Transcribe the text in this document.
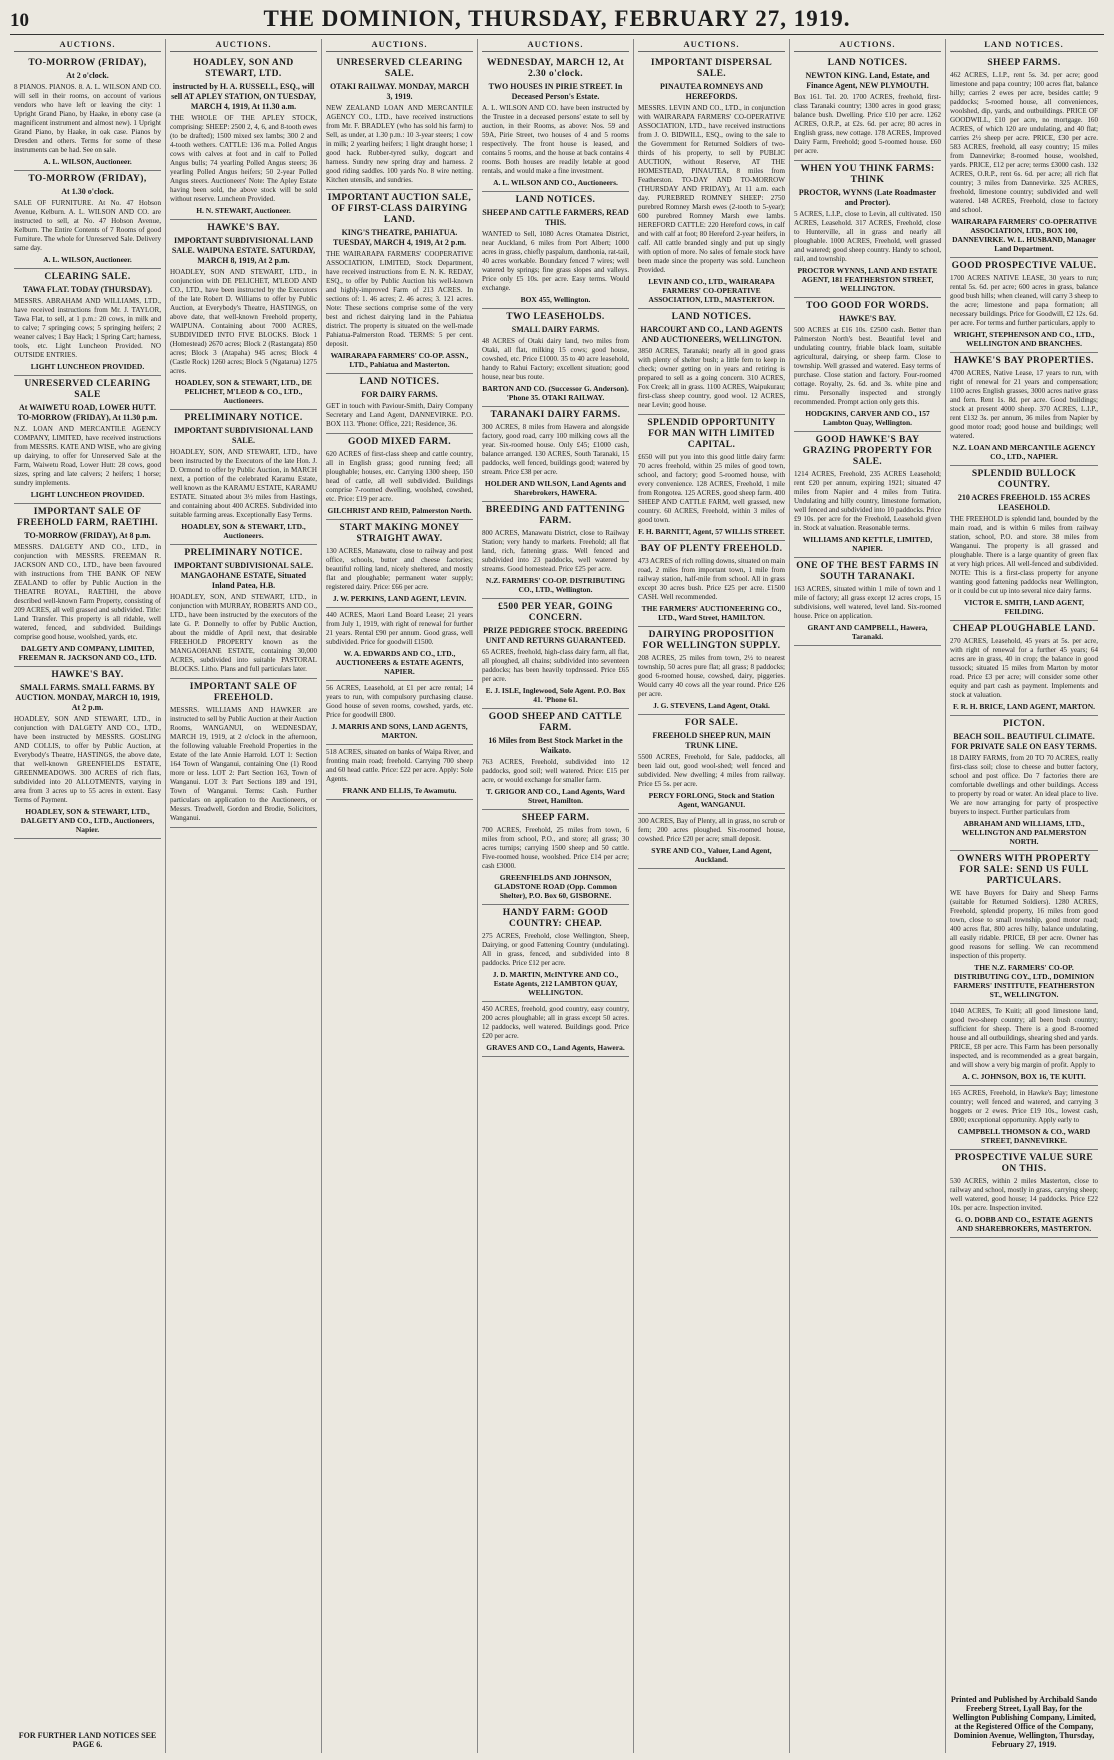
10	THE DOMINION, THURSDAY, FEBRUARY 27, 1919.
AUCTIONS.
TO-MORROW (FRIDAY),
At 2 o'clock.

8 PIANOS. PIANOS. 8. A. L. WILSON AND CO. will sell in their rooms, on account of various vendors who have left or leaving the city: 1 Upright Grand Piano, by Haake, in ebony case (a magnificent instrument and almost new). 1 Upright Grand Piano, by Haake, in oak case. Pianos by Dresden and others. Terms for some of these instruments can be had. See on sale.

A. L. WILSON, Auctioneer.
TO-MORROW (FRIDAY),
At 1.30 o'clock.

SALE OF FURNITURE. At No. 47 Hobson Avenue, Kelburn. A. L. WILSON AND CO. are instructed to sell, at No. 47 Hobson Avenue, Kelburn. The Entire Contents of 7 Rooms of good Furniture. The whole for Unreserved Sale. Delivery same day.

A. L. WILSON, Auctioneer.
CLEARING SALE.
TAWA FLAT. TODAY (THURSDAY).

MESSRS. ABRAHAM AND WILLIAMS, LTD., have received instructions from Mr. J. TAYLOR, Tawa Flat, to sell, at 1 p.m.: 20 cows, in milk and to calve; 7 springing cows; 5 springing heifers; 2 weaner calves; 1 Bay Hack; 1 Spring Cart; harness, tools, etc. Light Luncheon Provided. NO OUTSIDE ENTRIES.

LIGHT LUNCHEON PROVIDED.
UNRESERVED CLEARING SALE
At WAIWETU ROAD, LOWER HUTT. TO-MORROW (FRIDAY), At 11.30 p.m.

N.Z. LOAN AND MERCANTILE AGENCY COMPANY, LIMITED, have received instructions from MESSRS. KATE AND WISE, who are giving up dairying, to offer for Unreserved Sale at the Farm, Waiwetu Road, Lower Hutt: 28 cows, good sizes, spring and late calvers; 2 heifers; 1 horse; sundry implements.

LIGHT LUNCHEON PROVIDED.
IMPORTANT SALE OF FREEHOLD FARM, RAETIHI.
TO-MORROW (FRIDAY), At 8 p.m.

MESSRS. DALGETY AND CO., LTD., in conjunction with MESSRS. FREEMAN R. JACKSON AND CO., LTD., have been favoured with instructions from THE BANK OF NEW ZEALAND to offer by Public Auction in the THEATRE ROYAL, RAETIHI, the above described well-known Farm Property, consisting of 209 ACRES, all well grassed and subdivided. Title: Land Transfer. This property is all ridable, well watered, fenced, and subdivided. Buildings comprise good house, woolshed, yards, etc.

DALGETY AND COMPANY, LIMITED, FREEMAN R. JACKSON AND CO., LTD.
HAWKE'S BAY.
SMALL FARMS. SMALL FARMS. BY AUCTION. MONDAY, MARCH 10, 1919, At 2 p.m.

HOADLEY, SON AND STEWART, LTD., in conjunction with DALGETY AND CO., LTD., have been instructed by MESSRS. GOSLING AND COLLIS, to offer by Public Auction, at Everybody's Theatre, HASTINGS, the above date, that well-known GREENFIELDS ESTATE, GREENMEADOWS. 300 ACRES of rich flats, subdivided into 20 ALLOTMENTS, varying in area from 3 acres up to 55 acres in extent. Easy Terms of Payment.

HOADLEY, SON & STEWART, LTD., DALGETY AND CO., LTD., Auctioneers, Napier.
FOR FURTHER LAND NOTICES SEE PAGE 6.
AUCTIONS.
HOADLEY, SON AND STEWART, LTD.
instructed by H. A. RUSSELL, ESQ., will sell AT APLEY STATION, ON TUESDAY, MARCH 4, 1919, At 11.30 a.m.

THE WHOLE OF THE APLEY STOCK, comprising: SHEEP: 2500 2, 4, 6, and 8-tooth ewes (to be drafted); 1500 mixed sex lambs; 300 2 and 4-tooth wethers. CATTLE: 136 m.a. Polled Angus cows with calves at foot and in calf to Polled Angus bulls; 74 yearling Polled Angus steers; 36 yearling Polled Angus heifers; 50 2-year Polled Angus steers. Auctioneers' Note: The Apley Estate having been sold, the above stock will be sold without reserve. Luncheon Provided.

H. N. STEWART, Auctioneer.
HAWKE'S BAY.
IMPORTANT SUBDIVISIONAL LAND SALE. WAIPUNA ESTATE. SATURDAY, MARCH 8, 1919, At 2 p.m.

HOADLEY, SON AND STEWART, LTD., in conjunction with DE PELICHET, M'LEOD AND CO., LTD., have been instructed by the Executors of the late Robert D. Williams to offer by Public Auction, at Everybody's Theatre, HASTINGS, on above date, that well-known Freehold property, WAIPUNA. Containing about 7000 ACRES, SUBDIVIDED INTO FIVE BLOCKS. Block 1 (Homestead) 2670 acres; Block 2 (Rastangata) 850 acres; Block 3 (Atapaha) 945 acres; Block 4 (Castle Rock) 1260 acres; Block 5 (Ngatarua) 1275 acres.

HOADLEY, SON & STEWART, LTD., DE PELICHET, M'LEOD & CO., LTD., Auctioneers.
PRELIMINARY NOTICE.
IMPORTANT SUBDIVISIONAL LAND SALE.

HOADLEY, SON, AND STEWART, LTD., have been instructed by the Executors of the late Hon. J. D. Ormond to offer by Public Auction, in MARCH next, a portion of the celebrated Karamu Estate, well known as the KARAMU ESTATE, KARAMU ESTATE. Situated about 3½ miles from Hastings, and containing about 400 ACRES. Subdivided into suitable farming areas. Exceptionally Easy Terms.

HOADLEY, SON & STEWART, LTD., Auctioneers.
PRELIMINARY NOTICE.
IMPORTANT SUBDIVISIONAL SALE. MANGAOHANE ESTATE, Situated Inland Patea, H.B.

HOADLEY, SON, AND STEWART, LTD., in conjunction with MURRAY, ROBERTS AND CO., LTD., have been instructed by the executors of the late G. P. Donnelly to offer by Public Auction, about the middle of April next, that desirable FREEHOLD PROPERTY known as the MANGAOHANE ESTATE, containing 30,000 ACRES, subdivided into suitable PASTORAL BLOCKS. Litho. Plans and full particulars later.

IMPORTANT SALE OF FREEHOLD.

MESSRS. WILLIAMS AND HAWKER are instructed to sell by Public Auction at their Auction Rooms, WANGANUI, on WEDNESDAY, MARCH 19, 1919, at 2 o'clock in the afternoon, the following valuable Freehold Properties in the Estate of the late Annie Harrold. LOT 1: Section 164 Town of Wanganui, containing One (1) Rood more or less. LOT 2: Part Section 163, Town of Wanganui. LOT 3: Part Sections 189 and 191, Town of Wanganui. Terms: Cash. Further particulars on application to the Auctioneers, or Messrs. Treadwell, Gordon and Brodie, Solicitors, Wanganui.

AUCTIONS.
UNRESERVED CLEARING SALE.
OTAKI RAILWAY. MONDAY, MARCH 3, 1919.

NEW ZEALAND LOAN AND MERCANTILE AGENCY CO., LTD., have received instructions from Mr. F. BRADLEY (who has sold his farm) to Sell, as under, at 1.30 p.m.: 10 3-year steers; 1 cow in milk; 2 yearling heifers; 1 light draught horse; 1 good hack. Rubber-tyred sulky, dogcart and harness. Sundry new spring dray and harness. 2 good riding saddles. 100 yards No. 8 wire netting. Kitchen utensils, and sundries.

IMPORTANT AUCTION SALE, OF FIRST-CLASS DAIRYING LAND.
KING'S THEATRE, PAHIATUA. TUESDAY, MARCH 4, 1919, At 2 p.m.

THE WAIRARAPA FARMERS' COOPERATIVE ASSOCIATION, LIMITED, Stock Department, have received instructions from E. N. K. REDAY, ESQ., to offer by Public Auction his well-known and highly-improved Farm of 213 ACRES. In sections of: 1. 46 acres; 2. 46 acres; 3. 121 acres. Note: These sections comprise some of the very best and richest dairying land in the Pahiatua district. The property is situated on the well-made Pahiatua-Palmerston Road. TERMS: 5 per cent. deposit.

WAIRARAPA FARMERS' CO-OP. ASSN., LTD., Pahiatua and Masterton.
LAND NOTICES.
FOR DAIRY FARMS.

GET in touch with Paviour-Smith, Dairy Company Secretary and Land Agent, DANNEVIRKE. P.O. BOX 113. 'Phone: Office, 221; Residence, 36.

GOOD MIXED FARM.

620 ACRES of first-class sheep and cattle country, all in English grass; good running feed; all ploughable; houses, etc. Carrying 1300 sheep, 150 head of cattle, all well subdivided. Buildings comprise 7-roomed dwelling, woolshed, cowshed, etc. Price: £19 per acre.

GILCHRIST AND REID, Palmerston North.
START MAKING MONEY STRAIGHT AWAY.

130 ACRES, Manawatu, close to railway and post office, schools, butter and cheese factories; beautiful rolling land, nicely sheltered, and mostly flat and ploughable; permanent water supply; registered dairy. Price: £66 per acre.

J. W. PERKINS, LAND AGENT, LEVIN.

440 ACRES, Maori Land Board Lease; 21 years from July 1, 1919, with right of renewal for further 21 years. Rental £90 per annum. Good grass, well subdivided. Price for goodwill £1500.

W. A. EDWARDS AND CO., LTD., AUCTIONEERS & ESTATE AGENTS, NAPIER.

56 ACRES, Leasehold, at £1 per acre rental; 14 years to run, with compulsory purchasing clause. Good house of seven rooms, cowshed, yards, etc. Price for goodwill £800.

J. MARRIS AND SONS, LAND AGENTS, MARTON.

518 ACRES, situated on banks of Waipa River, and fronting main road; freehold. Carrying 700 sheep and 60 head cattle. Price: £22 per acre. Apply: Sole Agents.

FRANK AND ELLIS, Te Awamutu.
AUCTIONS.
WEDNESDAY, MARCH 12, At 2.30 o'clock.
TWO HOUSES IN PIRIE STREET. In Deceased Person's Estate.

A. L. WILSON AND CO. have been instructed by the Trustee in a deceased persons' estate to sell by auction, in their Rooms, as above: Nos. 59 and 59A, Pirie Street, two houses of 4 and 5 rooms respectively. The front house is leased, and contains 5 rooms, and the house at back contains 4 rooms. Both houses are readily letable at good rentals, and would make a fine investment.

A. L. WILSON AND CO., Auctioneers.
LAND NOTICES.
SHEEP AND CATTLE FARMERS, READ THIS.

WANTED to Sell, 1080 Acres Otamatea District, near Auckland, 6 miles from Port Albert; 1000 acres in grass, chiefly paspalum, danthonia, rat-tail, 40 acres workable. Boundary fenced 7 wires; well watered by springs; fine grass slopes and valleys. Price only £5 10s. per acre. Easy terms. Would exchange.

BOX 455, Wellington.
TWO LEASEHOLDS.
SMALL DAIRY FARMS.

48 ACRES of Otaki dairy land, two miles from Otaki, all flat, milking 15 cows; good house, cowshed, etc. Price £1000. 35 to 40 acre leasehold, handy to Rahui Factory; excellent situation; good house, near bus route.

BARTON AND CO. (Successor G. Anderson). 'Phone 35. OTAKI RAILWAY.
TARANAKI DAIRY FARMS.

300 ACRES, 8 miles from Hawera and alongside factory, good road, carry 100 milking cows all the year. Six-roomed house. Only £45; £1000 cash, balance arranged. 130 ACRES, South Taranaki, 15 paddocks, well fenced, buildings good; watered by stream. Price £38 per acre.

HOLDER AND WILSON, Land Agents and Sharebrokers, HAWERA.
BREEDING AND FATTENING FARM.

800 ACRES, Manawatu District, close to Railway Station; very handy to markets. Freehold; all flat land, rich, fattening grass. Well fenced and subdivided into 23 paddocks, well watered by streams. Good homestead. Price £25 per acre.

N.Z. FARMERS' CO-OP. DISTRIBUTING CO., LTD., Wellington.
£500 PER YEAR, GOING CONCERN.
PRIZE PEDIGREE STOCK. BREEDING UNIT AND RETURNS GUARANTEED.

65 ACRES, freehold, high-class dairy farm, all flat, all ploughed, all chains; subdivided into seventeen paddocks; has been heavily topdressed. Price £65 per acre.

E. J. ISLE, Inglewood, Sole Agent. P.O. Box 41. 'Phone 61.
GOOD SHEEP AND CATTLE FARM.
16 Miles from Best Stock Market in the Waikato.

763 ACRES, Freehold, subdivided into 12 paddocks, good soil; well watered. Price: £15 per acre, or would exchange for smaller farm.

T. GRIGOR AND CO., Land Agents, Ward Street, Hamilton.
SHEEP FARM.

700 ACRES, Freehold, 25 miles from town, 6 miles from school, P.O., and store; all grass; 30 acres turnips; carrying 1500 sheep and 50 cattle. Five-roomed house, woolshed. Price £14 per acre; cash £3000.

GREENFIELDS AND JOHNSON, GLADSTONE ROAD (Opp. Common Shelter), P.O. Box 60, GISBORNE.
HANDY FARM: GOOD COUNTRY: CHEAP.

275 ACRES, Freehold, close Wellington, Sheep, Dairying, or good Fattening Country (undulating). All in grass, fenced, and subdivided into 8 paddocks. Price £12 per acre.

J. D. MARTIN, McINTYRE AND CO., Estate Agents, 212 LAMBTON QUAY, WELLINGTON.

450 ACRES, freehold, good country, easy country, 200 acres ploughable; all in grass except 50 acres. 12 paddocks, well watered. Buildings good. Price £20 per acre.

GRAVES AND CO., Land Agents, Hawera.
AUCTIONS.
IMPORTANT DISPERSAL SALE.
PINAUTEA ROMNEYS AND HEREFORDS.

MESSRS. LEVIN AND CO., LTD., in conjunction with WAIRARAPA FARMERS' CO-OPERATIVE ASSOCIATION, LTD., have received instructions from J. O. BIDWILL, ESQ., owing to the sale to the Government for Returned Soldiers of two-thirds of his property, to sell by PUBLIC AUCTION, without Reserve, AT THE HOMESTEAD, PINAUTEA, 8 miles from Featherston. TO-DAY AND TO-MORROW (THURSDAY AND FRIDAY), At 11 a.m. each day. PUREBRED ROMNEY SHEEP: 2750 purebred Romney Marsh ewes (2-tooth to 5-year); 600 purebred Romney Marsh ewe lambs. HEREFORD CATTLE: 220 Hereford cows, in calf and with calf at foot; 80 Hereford 2-year heifers, in calf. All cattle branded singly and put up singly with option of more. No sales of female stock have been made since the property was sold. Luncheon Provided.

LEVIN AND CO., LTD., WAIRARAPA FARMERS' CO-OPERATIVE ASSOCIATION, LTD., MASTERTON.
LAND NOTICES.
HARCOURT AND CO., LAND AGENTS AND AUCTIONEERS, WELLINGTON.

3850 ACRES, Taranaki; nearly all in good grass with plenty of shelter bush; a little fern to keep in check; owner getting on in years and retiring is prepared to sell as a going concern. 310 ACRES, Fox Creek; all in grass. 1100 ACRES, Waipukurau; first-class sheep country, good wool. 12 ACRES, near Levin; good house.

SPLENDID OPPORTUNITY FOR MAN WITH LIMITED CAPITAL.

£650 will put you into this good little dairy farm: 70 acres freehold, within 25 miles of good town, school, and factory; good 5-roomed house, with every convenience. 128 ACRES, Freehold, 1 mile from Rongotea. 125 ACRES, good sheep farm. 400 SHEEP AND CATTLE FARM, well grassed, new country. 60 ACRES, Freehold, within 3 miles of good town.

F. H. BARNITT, Agent, 57 WILLIS STREET.
BAY OF PLENTY FREEHOLD.

473 ACRES of rich rolling downs, situated on main road, 2 miles from important town, 1 mile from railway station, half-mile from school. All in grass except 30 acres bush. Price £25 per acre. £1500 CASH. Well recommended.

THE FARMERS' AUCTIONEERING CO., LTD., Ward Street, HAMILTON.
DAIRYING PROPOSITION FOR WELLINGTON SUPPLY.

208 ACRES, 25 miles from town, 2½ to nearest township, 50 acres pure flat; all grass; 8 paddocks; good 6-roomed house, cowshed, dairy, piggeries. Would carry 40 cows all the year round. Price £26 per acre.

J. G. STEVENS, Land Agent, Otaki.
FOR SALE.
FREEHOLD SHEEP RUN, MAIN TRUNK LINE.

5500 ACRES, Freehold, for Sale, paddocks, all been laid out, good wool-shed; well fenced and subdivided. New dwelling; 4 miles from railway. Price £5 5s. per acre.

PERCY FORLONG, Stock and Station Agent, WANGANUI.

300 ACRES, Bay of Plenty, all in grass, no scrub or fern; 200 acres ploughed. Six-roomed house, cowshed. Price £20 per acre; small deposit.

SYRE AND CO., Valuer, Land Agent, Auckland.
AUCTIONS.
LAND NOTICES.
NEWTON KING. Land, Estate, and Finance Agent, NEW PLYMOUTH.

Box 161. Tel. 20. 1700 ACRES, freehold, first-class Taranaki country; 1300 acres in good grass; balance bush. Dwelling. Price £10 per acre. 1262 ACRES, O.R.P., at £2s. 6d. per acre; 80 acres in English grass, new cottage. 178 ACRES, Improved Dairy Farm, Freehold; good 5-roomed house. £60 per acre.

WHEN YOU THINK FARMS: THINK
PROCTOR, WYNNS (Late Roadmaster and Proctor).

5 ACRES, L.I.P., close to Levin, all cultivated. 150 ACRES, Leasehold. 317 ACRES, Freehold, close to Hunterville, all in grass and nearly all ploughable. 1000 ACRES, Freehold, well grassed and watered; good sheep country. Handy to school, rail, and township.

PROCTOR WYNNS, LAND AND ESTATE AGENT, 181 FEATHERSTON STREET, WELLINGTON.
TOO GOOD FOR WORDS.
HAWKE'S BAY.

500 ACRES at £16 10s. £2500 cash. Better than Palmerston North's best. Beautiful level and undulating country, friable black loam, suitable agricultural, dairying, or sheep farm. Close to township. Well grassed and watered. Easy terms of purchase. Close station and factory. Four-roomed cottage. Royalty, 2s. 6d. and 3s. white pine and rimu. Personally inspected and strongly recommended. Prompt action only gets this.

HODGKINS, CARVER AND CO., 157 Lambton Quay, Wellington.
GOOD HAWKE'S BAY GRAZING PROPERTY FOR SALE.

1214 ACRES, Freehold, 235 ACRES Leasehold; rent £20 per annum, expiring 1921; situated 47 miles from Napier and 4 miles from Tutira. Undulating and hilly country, limestone formation, well fenced and subdivided into 10 paddocks. Price £9 10s. per acre for the Freehold, Leasehold given in. Stock at valuation. Reasonable terms.

WILLIAMS AND KETTLE, LIMITED, NAPIER.
ONE OF THE BEST FARMS IN SOUTH TARANAKI.

163 ACRES, situated within 1 mile of town and 1 mile of factory; all grass except 12 acres crops, 15 subdivisions, well watered, level land. Six-roomed house. Price on application.

GRANT AND CAMPBELL, Hawera, Taranaki.
LAND NOTICES.
SHEEP FARMS.

462 ACRES, L.I.P., rent 5s. 3d. per acre; good limestone and papa country; 100 acres flat, balance hilly; carries 2 ewes per acre, besides cattle; 9 paddocks; 5-roomed house, all conveniences, woolshed, dip, yards, and outbuildings. PRICE OF GOODWILL, £10 per acre, no mortgage. 160 ACRES, of which 120 are undulating, and 40 flat; carries 2½ sheep per acre. PRICE, £30 per acre. 583 ACRES, freehold, all easy country; 15 miles from Dannevirke; 8-roomed house, woolshed, yards. PRICE, £12 per acre; terms £3000 cash. 132 ACRES, O.R.P., rent 6s. 6d. per acre; all rich flat country; 3 miles from Dannevirke. 325 ACRES, freehold, limestone country; subdivided and well watered. 148 ACRES, Freehold, close to factory and school.

WAIRARAPA FARMERS' CO-OPERATIVE ASSOCIATION, LTD., BOX 100, DANNEVIRKE. W. L. HUSBAND, Manager Land Department.
GOOD PROSPECTIVE VALUE.

1700 ACRES NATIVE LEASE, 30 years to run; rental 5s. 6d. per acre; 600 acres in grass, balance good bush hills; when cleaned, will carry 3 sheep to the acre; limestone and papa formation; all necessary buildings. Price for Goodwill, £2 12s. 6d. per acre. For terms and further particulars, apply to

WRIGHT, STEPHENSON AND CO., LTD., WELLINGTON AND BRANCHES.
HAWKE'S BAY PROPERTIES.

4700 ACRES, Native Lease, 17 years to run, with right of renewal for 21 years and compensation; 1100 acres English grasses, 3000 acres native grass and fern. Rent 1s. 8d. per acre. Good buildings; stock at present 4000 sheep. 370 ACRES, L.I.P., rent £132 3s. per annum, 36 miles from Napier by good motor road; good house and buildings; well watered.

N.Z. LOAN AND MERCANTILE AGENCY CO., LTD., NAPIER.
SPLENDID BULLOCK COUNTRY.
210 ACRES FREEHOLD. 155 ACRES LEASEHOLD.

THE FREEHOLD is splendid land, bounded by the main road, and is within 6 miles from railway station, school, P.O. and store. 38 miles from Wanganui. The property is all grassed and ploughable. There is a large quantity of green flax at very high prices. All well-fenced and subdivided. NOTE: This is a first-class property for anyone wanting good fattening paddocks near Wellington, or it could be cut up into several nice dairy farms.

VICTOR E. SMITH, LAND AGENT, FEILDING.
CHEAP PLOUGHABLE LAND.

270 ACRES, Leasehold, 45 years at 5s. per acre, with right of renewal for a further 45 years; 64 acres are in grass, 40 in crop; the balance in good tussock; situated 15 miles from Marton by motor road. Price £3 per acre; will consider some other equity and part cash as payment. Implements and stock at valuation.

F. R. H. BRICE, LAND AGENT, MARTON.
PICTON.
BEACH SOIL. BEAUTIFUL CLIMATE. FOR PRIVATE SALE ON EASY TERMS.

18 DAIRY FARMS, from 20 TO 70 ACRES, really first-class soil; close to cheese and butter factory, school and post office. Do 7 factories there are comfortable dwellings and other buildings. Access to property by road or water. An ideal place to live. We are now arranging for party of prospective buyers to inspect. Further particulars from

ABRAHAM AND WILLIAMS, LTD., WELLINGTON AND PALMERSTON NORTH.
OWNERS WITH PROPERTY FOR SALE: SEND US FULL PARTICULARS.

WE have Buyers for Dairy and Sheep Farms (suitable for Returned Soldiers). 1280 ACRES, Freehold, splendid property, 16 miles from good town, close to small township, good motor road; 400 acres flat, 800 acres hilly, balance undulating, all easily ridable. PRICE, £8 per acre. Owner has good reasons for selling. We can recommend inspection of this property.

THE N.Z. FARMERS' CO-OP. DISTRIBUTING COY., LTD., DOMINION FARMERS' INSTITUTE, FEATHERSTON ST., WELLINGTON.

1040 ACRES, Te Kuiti; all good limestone land, good two-sheep country; all been bush country; sufficient for sheep. There is a good 8-roomed house and all outbuildings, shearing shed and yards. PRICE, £8 per acre. This Farm has been personally inspected, and is recommended as a great bargain, and will show a very big margin of profit. Apply to

A. C. JOHNSON, BOX 16, TE KUITI.

165 ACRES, Freehold, in Hawke's Bay; limestone country; well fenced and watered, and carrying 3 hoggets or 2 ewes. Price £19 10s., lowest cash, £800; exceptional opportunity. Apply early to

CAMPBELL THOMSON & CO., WARD STREET, DANNEVIRKE.
PROSPECTIVE VALUE SURE ON THIS.

530 ACRES, within 2 miles Masterton, close to railway and school, mostly in grass, carrying sheep; well watered, good house; 14 paddocks. Price £22 10s. per acre. Inspection invited.

G. O. DOBB AND CO., ESTATE AGENTS AND SHAREBROKERS, MASTERTON.
Printed and Published by Archibald Sando Freeberg Street, Lyall Bay, for the Wellington Publishing Company, Limited, at the Registered Office of the Company, Dominion Avenue, Wellington, Thursday, February 27, 1919.
